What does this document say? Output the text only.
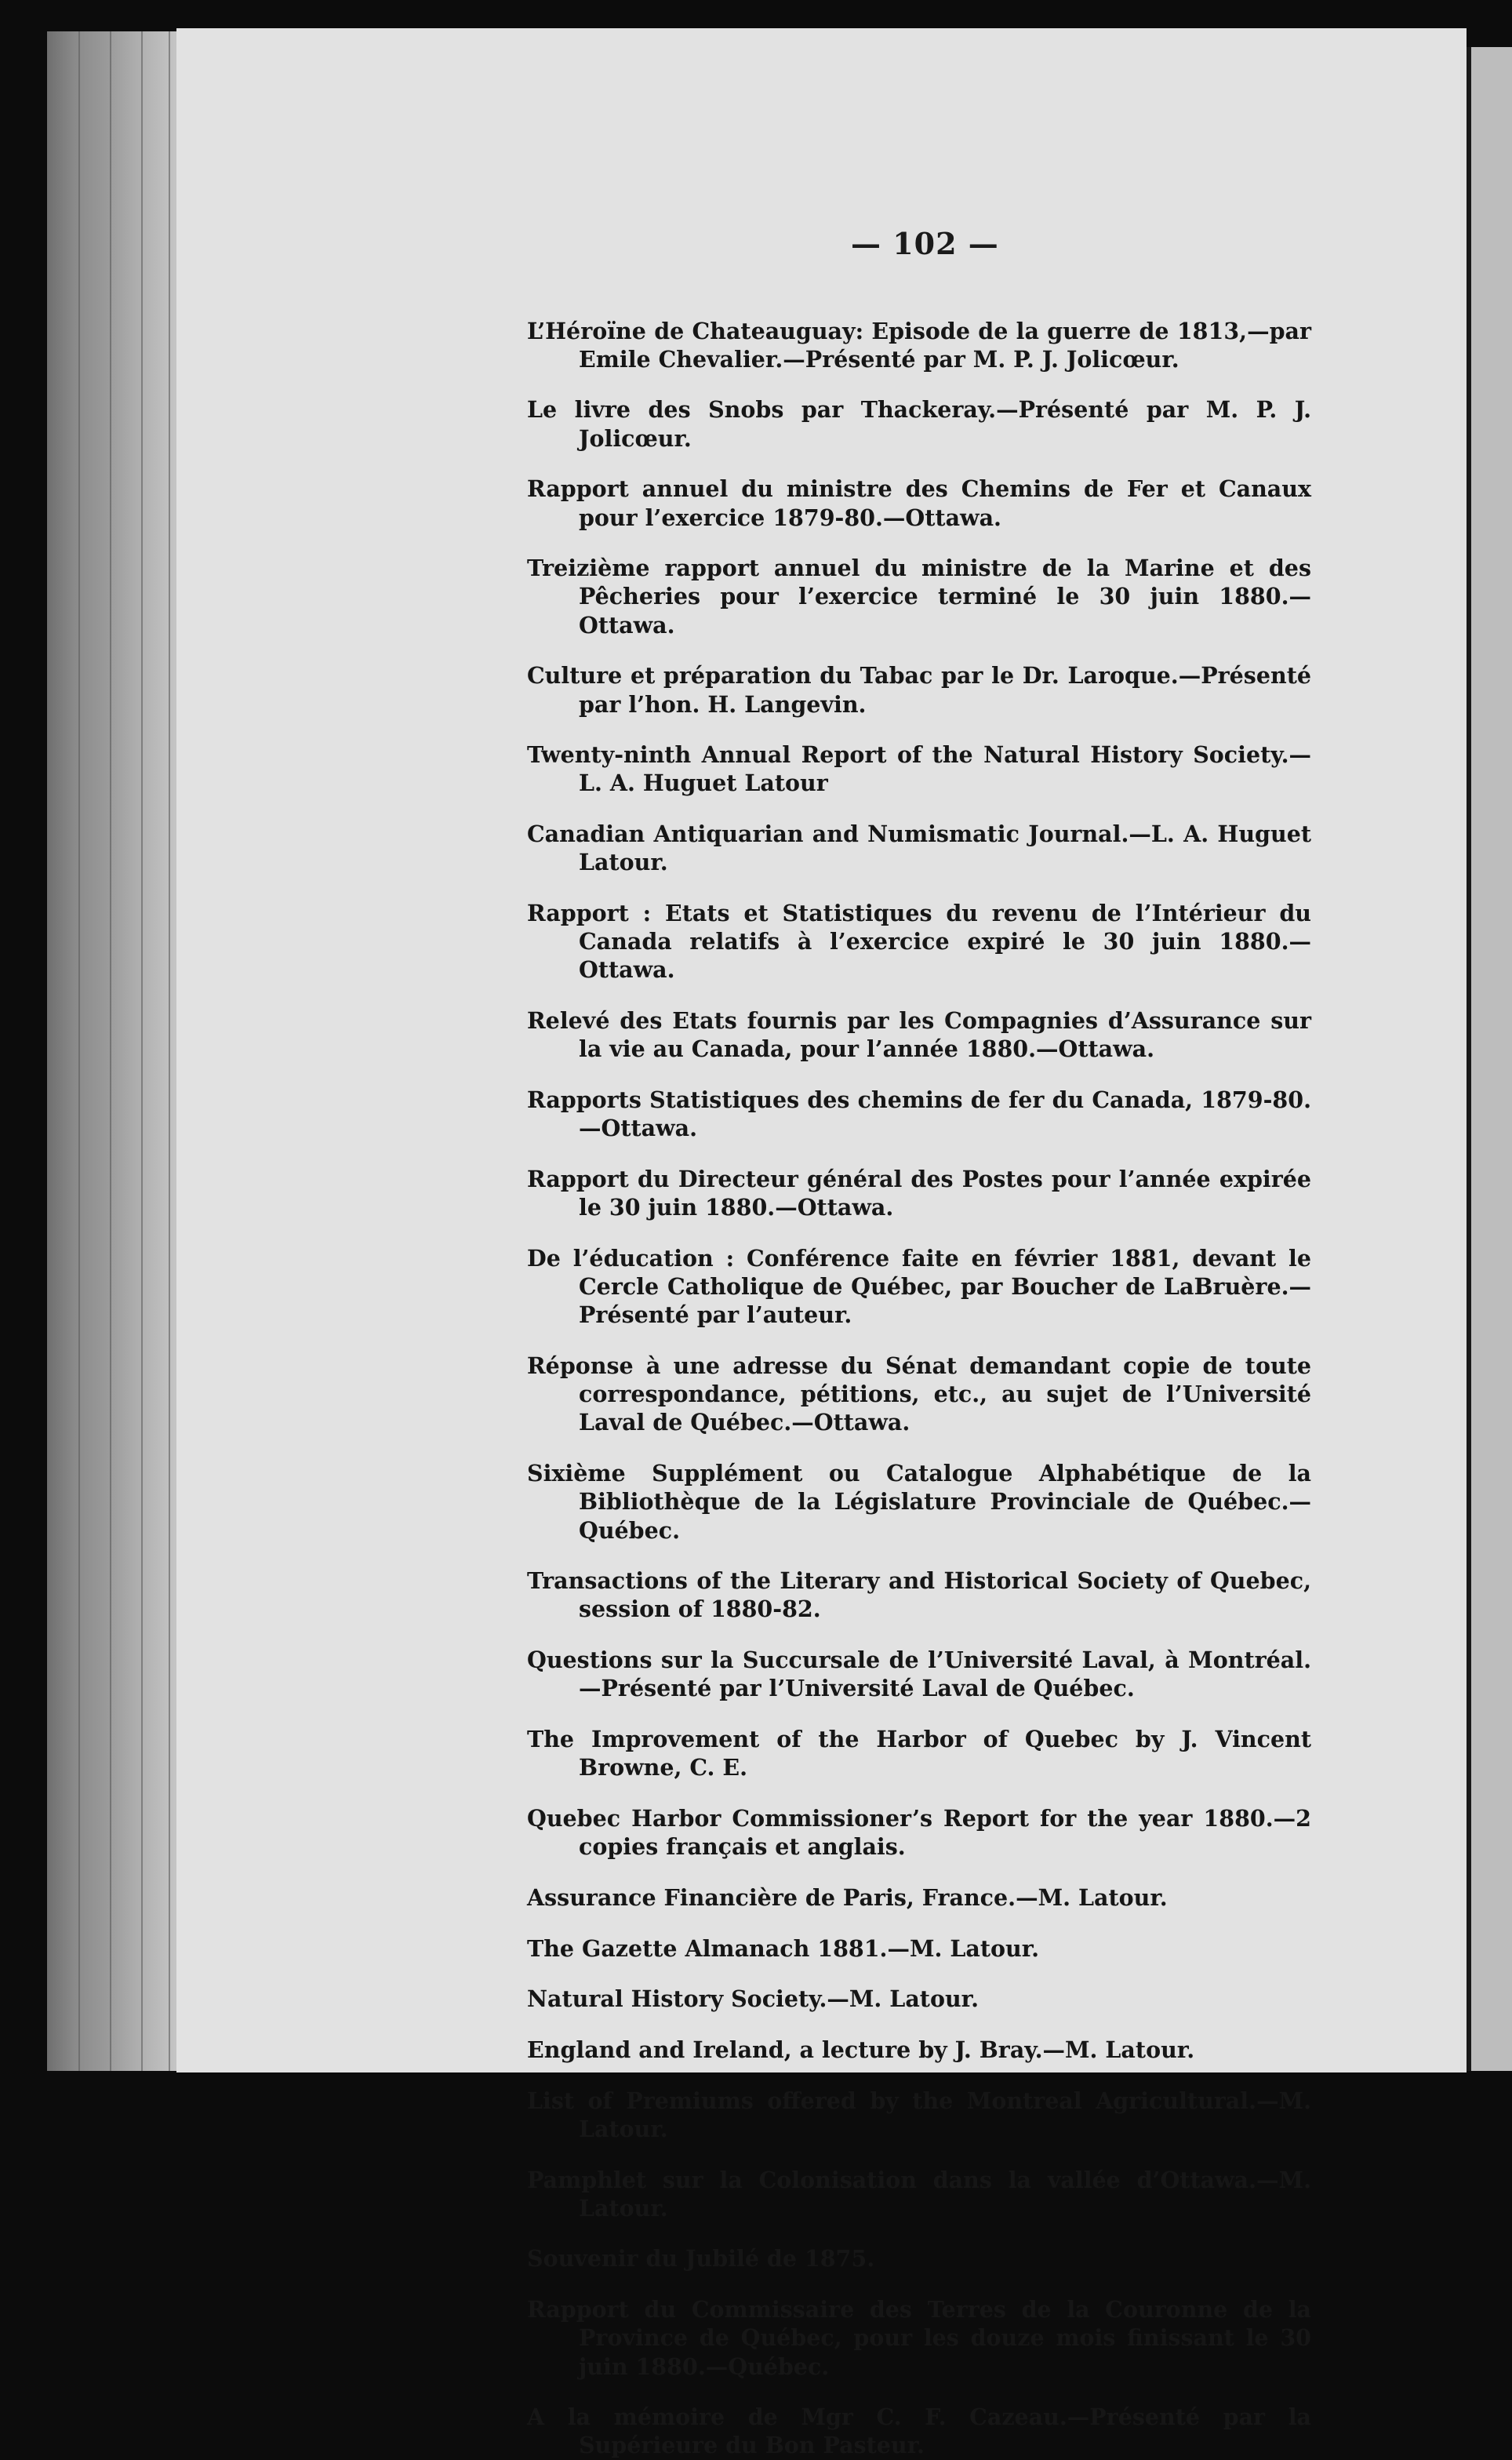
— 102 —

L’Héroïne de Chateauguay: Episode de la guerre de 1813,—par Emile Chevalier.—Présenté par M. P. J. Jolicœur.

Le livre des Snobs par Thackeray.—Présenté par M. P. J. Jolicœur.

Rapport annuel du ministre des Chemins de Fer et Canaux pour l’exercice 1879-80.—Ottawa.

Treizième rapport annuel du ministre de la Marine et des Pêcheries pour l’exercice terminé le 30 juin 1880.—Ottawa.

Culture et préparation du Tabac par le Dr. Laroque.—Présenté par l’hon. H. Langevin.

Twenty-ninth Annual Report of the Natural History Society.—L. A. Huguet Latour

Canadian Antiquarian and Numismatic Journal.—L. A. Huguet Latour.

Rapport : Etats et Statistiques du revenu de l’Intérieur du Canada relatifs à l’exercice expiré le 30 juin 1880.—Ottawa.

Relevé des Etats fournis par les Compagnies d’Assurance sur la vie au Canada, pour l’année 1880.—Ottawa.

Rapports Statistiques des chemins de fer du Canada, 1879-80.—Ottawa.

Rapport du Directeur général des Postes pour l’année expirée le 30 juin 1880.—Ottawa.

De l’éducation : Conférence faite en février 1881, devant le Cercle Catholique de Québec, par Boucher de LaBruère.—Présenté par l’auteur.

Réponse à une adresse du Sénat demandant copie de toute correspondance, pétitions, etc., au sujet de l’Université Laval de Québec.—Ottawa.

Sixième Supplément ou Catalogue Alphabétique de la Bibliothèque de la Législature Provinciale de Québec.—Québec.

Transactions of the Literary and Historical Society of Quebec, session of 1880-82.

Questions sur la Succursale de l’Université Laval, à Montréal.—Présenté par l’Université Laval de Québec.

The Improvement of the Harbor of Quebec by J. Vincent Browne, C. E.

Quebec Harbor Commissioner’s Report for the year 1880.—2 copies français et anglais.

Assurance Financière de Paris, France.—M. Latour.

The Gazette Almanach 1881.—M. Latour.

Natural History Society.—M. Latour.

England and Ireland, a lecture by J. Bray.—M. Latour.

List of Premiums offered by the Montreal Agricultural.—M. Latour.

Pamphlet sur la Colonisation dans la vallée d’Ottawa.—M. Latour.

Souvenir du Jubilé de 1875.

Rapport du Commissaire des Terres de la Couronne de la Province de Québec, pour les douze mois finissant le 30 juin 1880.—Québec.

A la mémoire de Mgr C. F. Cazeau.—Présenté par la Supérieure du Bon Pasteur.
